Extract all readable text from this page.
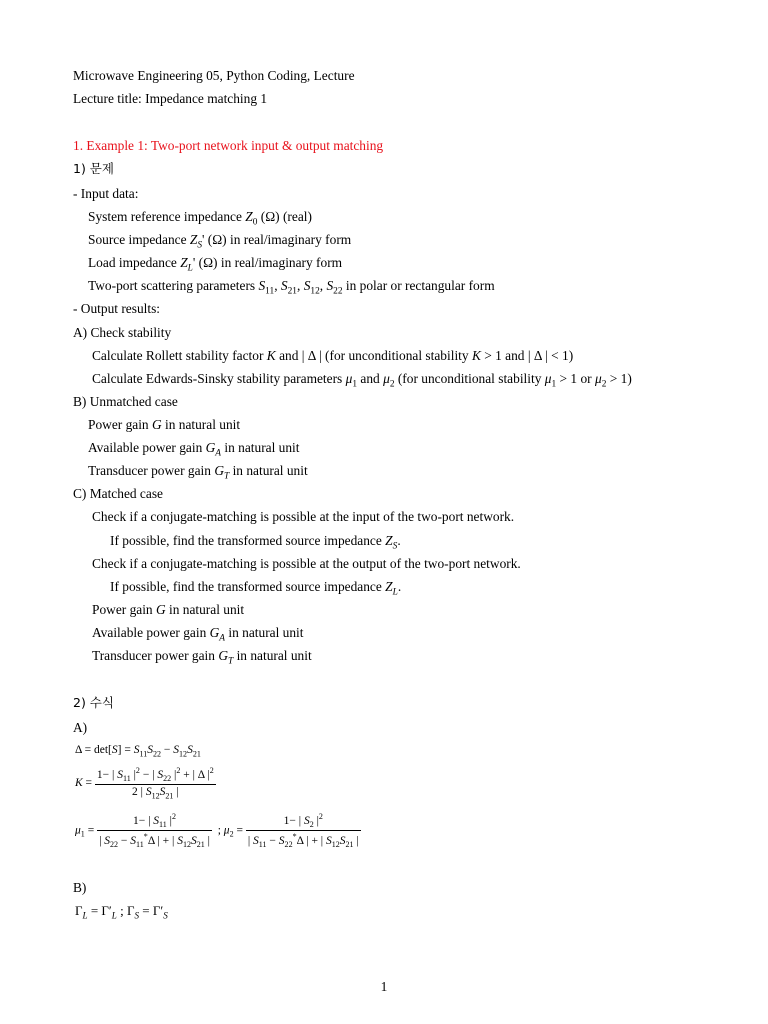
Microwave Engineering 05, Python Coding, Lecture
Lecture title: Impedance matching 1
1. Example 1: Two-port network input & output matching
1) 문제
- Input data:
System reference impedance $Z_0$ (Ω) (real)
Source impedance $Z_S'$ (Ω) in real/imaginary form
Load impedance $Z_L'$ (Ω) in real/imaginary form
Two-port scattering parameters $S_{11}$, $S_{21}$, $S_{12}$, $S_{22}$ in polar or rectangular form
- Output results:
A) Check stability
Calculate Rollett stability factor K and | Δ | (for unconditional stability K > 1 and | Δ | < 1)
Calculate Edwards-Sinsky stability parameters $\mu_1$ and $\mu_2$ (for unconditional stability $\mu_1 > 1$ or $\mu_2 > 1$)
B) Unmatched case
Power gain G in natural unit
Available power gain $G_A$ in natural unit
Transducer power gain $G_T$ in natural unit
C) Matched case
Check if a conjugate-matching is possible at the input of the two-port network.
If possible, find the transformed source impedance $Z_S$.
Check if a conjugate-matching is possible at the output of the two-port network.
If possible, find the transformed source impedance $Z_L$.
Power gain G in natural unit
Available power gain $G_A$ in natural unit
Transducer power gain $G_T$ in natural unit
2) 수식
A)
$\Delta = \det[S] = S_{11}S_{22} - S_{12}S_{21}$
$K = \frac{1- | S_{11} |^2 - | S_{22} |^2 + | \Delta |^2}{2 | S_{12}S_{21} |}$
$\mu_1 = \frac{1- | S_{11} |^2}{| S_{22} - S_{11}^*\Delta | + | S_{12}S_{21} |}$ ; $\mu_2 = \frac{1- | S_2 |^2}{| S_{11} - S_{22}^*\Delta | + | S_{12}S_{21} |}$
B)
$\Gamma_L = \Gamma'_L$ ; $\Gamma_S = \Gamma'_S$
1
